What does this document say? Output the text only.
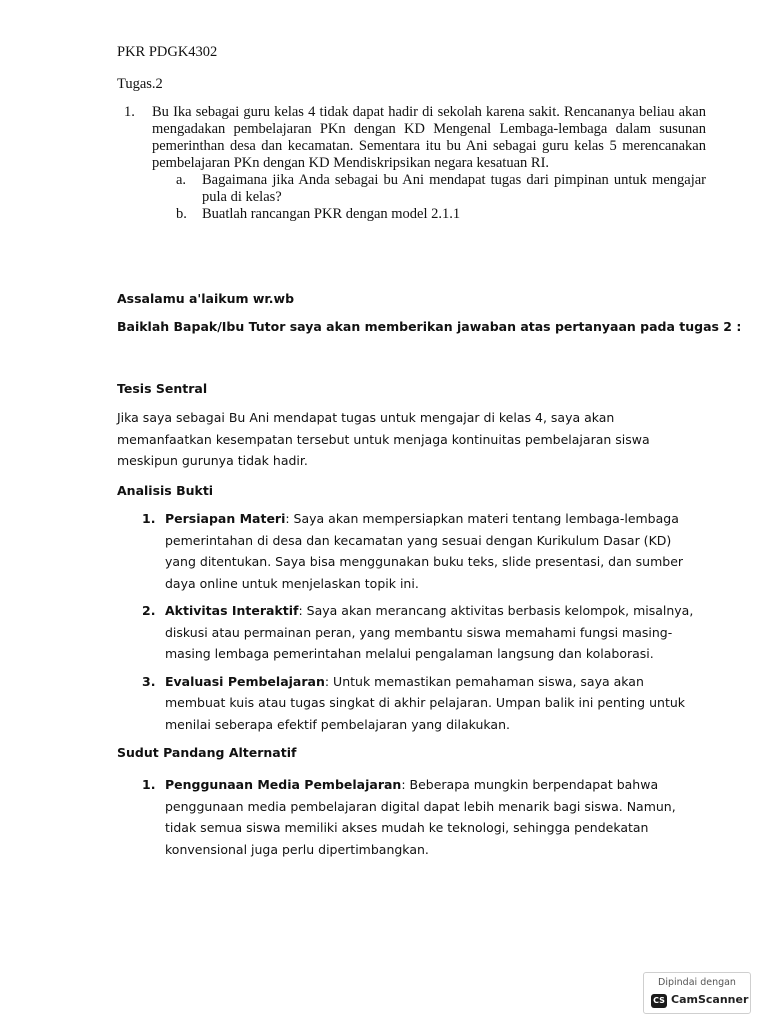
PKR PDGK4302
Tugas.2
1. Bu Ika sebagai guru kelas 4 tidak dapat hadir di sekolah karena sakit. Rencananya beliau akan mengadakan pembelajaran PKn dengan KD Mengenal Lembaga-lembaga dalam susunan pemerinthan desa dan kecamatan. Sementara itu bu Ani sebagai guru kelas 5 merencanakan pembelajaran PKn dengan KD Mendiskripsikan negara kesatuan RI.
a. Bagaimana jika Anda sebagai bu Ani mendapat tugas dari pimpinan untuk mengajar pula di kelas?
b. Buatlah rancangan PKR dengan model 2.1.1
Assalamu a'laikum wr.wb
Baiklah Bapak/Ibu Tutor saya akan memberikan jawaban atas pertanyaan pada tugas 2 :
Tesis Sentral
Jika saya sebagai Bu Ani mendapat tugas untuk mengajar di kelas 4, saya akan memanfaatkan kesempatan tersebut untuk menjaga kontinuitas pembelajaran siswa meskipun gurunya tidak hadir.
Analisis Bukti
1. Persiapan Materi: Saya akan mempersiapkan materi tentang lembaga-lembaga pemerintahan di desa dan kecamatan yang sesuai dengan Kurikulum Dasar (KD) yang ditentukan. Saya bisa menggunakan buku teks, slide presentasi, dan sumber daya online untuk menjelaskan topik ini.
2. Aktivitas Interaktif: Saya akan merancang aktivitas berbasis kelompok, misalnya, diskusi atau permainan peran, yang membantu siswa memahami fungsi masing-masing lembaga pemerintahan melalui pengalaman langsung dan kolaborasi.
3. Evaluasi Pembelajaran: Untuk memastikan pemahaman siswa, saya akan membuat kuis atau tugas singkat di akhir pelajaran. Umpan balik ini penting untuk menilai seberapa efektif pembelajaran yang dilakukan.
Sudut Pandang Alternatif
1. Penggunaan Media Pembelajaran: Beberapa mungkin berpendapat bahwa penggunaan media pembelajaran digital dapat lebih menarik bagi siswa. Namun, tidak semua siswa memiliki akses mudah ke teknologi, sehingga pendekatan konvensional juga perlu dipertimbangkan.
Dipindai dengan
CS CamScanner
